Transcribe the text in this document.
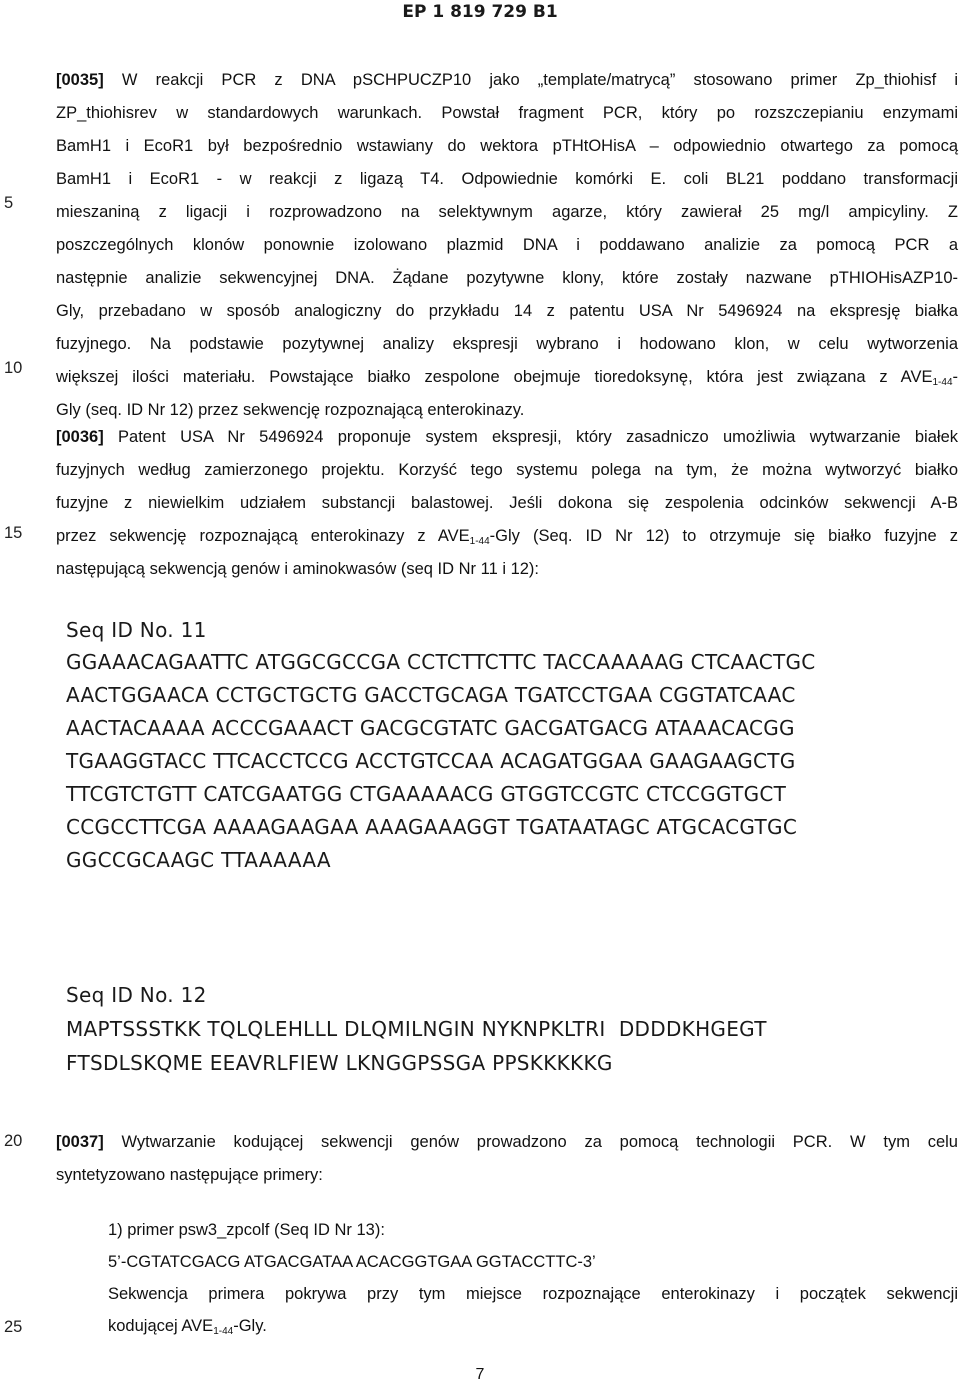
EP 1 819 729 B1
5
10
15
20
25
[0035] W reakcji PCR z DNA pSCHPUCZP10 jako „template/matrycą” stosowano primer Zp_thiohisf i
ZP_thiohisrev w standardowych warunkach. Powstał fragment PCR, który po rozszczepianiu enzymami
BamH1 i EcoR1 był bezpośrednio wstawiany do wektora pTHtOHisA – odpowiednio otwartego za pomocą
BamH1 i EcoR1 - w reakcji z ligazą T4. Odpowiednie komórki E. coli BL21 poddano transformacji
mieszaniną z ligacji i rozprowadzono na selektywnym agarze, który zawierał 25 mg/l ampicyliny. Z
poszczególnych klonów ponownie izolowano plazmid DNA i poddawano analizie za pomocą PCR a
następnie analizie sekwencyjnej DNA. Żądane pozytywne klony, które zostały nazwane pTHIOHisAZP10-
Gly, przebadano w sposób analogiczny do przykładu 14 z patentu USA Nr 5496924 na ekspresję białka
fuzyjnego. Na podstawie pozytywnej analizy ekspresji wybrano i hodowano klon, w celu wytworzenia
większej ilości materiału. Powstające białko zespolone obejmuje tioredoksynę, która jest związana z $AVE_{1-44}-$
Gly (seq. ID Nr 12) przez sekwencję rozpoznającą enterokinazy.
[0036] Patent USA Nr 5496924 proponuje system ekspresji, który zasadniczo umożliwia wytwarzanie białek
fuzyjnych według zamierzonego projektu. Korzyść tego systemu polega na tym, że można wytworzyć białko
fuzyjne z niewielkim udziałem substancji balastowej. Jeśli dokona się zespolenia odcinków sekwencji A-B
przez sekwencję rozpoznającą enterokinazy z $AVE_{1-44}$-Gly (Seq. ID Nr 12) to otrzymuje się białko fuzyjne z
następującą sekwencją genów i aminokwasów (seq ID Nr 11 i 12):
Seq ID No. 11
GGAAACAGAATTC ATGGCGCCGA CCTCTTCTTC TACCAAAAAG CTCAACTGC
AACTGGAACA CCTGCTGCTG GACCTGCAGA TGATCCTGAA CGGTATCAAC
AACTACAAAA ACCCGAAACT GACGCGTATC GACGATGACG ATAAACACGG
TGAAGGTACC TTCACCTCCG ACCTGTCCAA ACAGATGGAA GAAGAAGCTG
TTCGTCTGTT CATCGAATGG CTGAAAAACG GTGGTCCGTC CTCCGGTGCT
CCGCCTTCGA AAAAGAAGAA AAAGAAAGGT TGATAATAGC ATGCACGTGC
GGCCGCAAGC TTAAAAAA
Seq ID No. 12
MAPTSSSTKK TQLQLEHLLL DLQMILNGIN NYKNPKLTRI  DDDDKHGEGT
FTSDLSKQME EEAVRLFIEW LKNGGPSSGA PPSKKKKKG
[0037] Wytwarzanie kodującej sekwencji genów prowadzono za pomocą technologii PCR. W tym celu
syntetyzowano następujące primery:
1) primer psw3_zpcolf (Seq ID Nr 13):
5’-CGTATCGACG ATGACGATAA ACACGGTGAA GGTACCTTC-3’
Sekwencja primera pokrywa przy tym miejsce rozpoznające enterokinazy i początek sekwencji
kodującej $AVE_{1-44}$-Gly.
7
